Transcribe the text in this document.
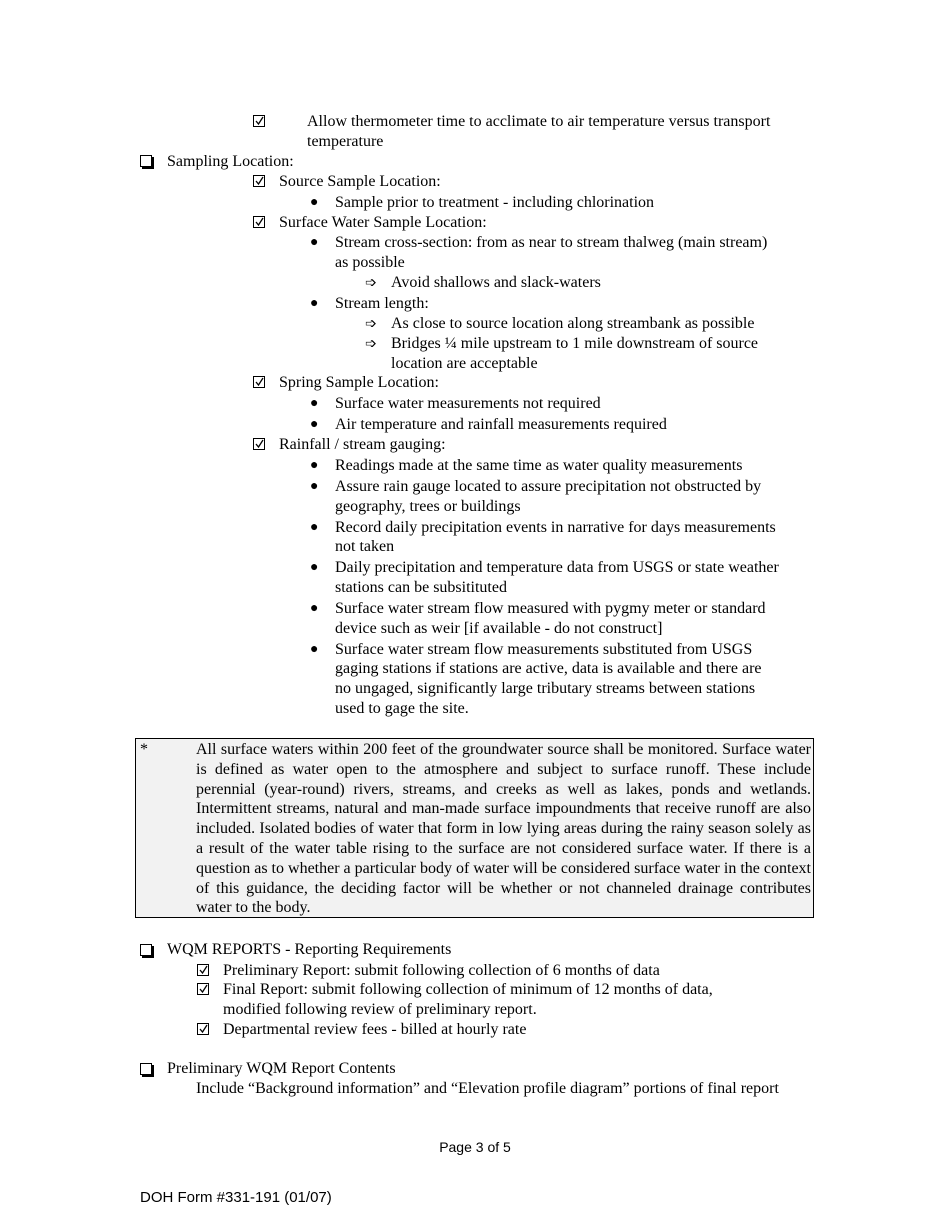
Allow thermometer time to acclimate to air temperature versus transport
temperature
Sampling Location:
Source Sample Location:
● Sample prior to treatment - including chlorination
Surface Water Sample Location:
● Stream cross-section: from as near to stream thalweg (main stream)
as possible
➩ Avoid shallows and slack-waters
● Stream length:
➩ As close to source location along streambank as possible
➩ Bridges ¼ mile upstream to 1 mile downstream of source
location are acceptable
Spring Sample Location:
● Surface water measurements not required
● Air temperature and rainfall measurements required
Rainfall / stream gauging:
● Readings made at the same time as water quality measurements
● Assure rain gauge located to assure precipitation not obstructed by
geography, trees or buildings
● Record daily precipitation events in narrative for days measurements
not taken
● Daily precipitation and temperature data from USGS or state weather
stations can be subsitituted
● Surface water stream flow measured with pygmy meter or standard
device such as weir [if available - do not construct]
● Surface water stream flow measurements substituted from USGS
gaging stations if stations are active, data is available and there are
no ungaged, significantly large tributary streams between stations
used to gage the site.
*	All surface waters within 200 feet of the groundwater source shall be monitored. Surface water is defined as water open to the atmosphere and subject to surface runoff. These include perennial (year-round) rivers, streams, and creeks as well as lakes, ponds and wetlands. Intermittent streams, natural and man-made surface impoundments that receive runoff are also included. Isolated bodies of water that form in low lying areas during the rainy season solely as a result of the water table rising to the surface are not considered surface water. If there is a question as to whether a particular body of water will be considered surface water in the context of this guidance, the deciding factor will be whether or not channeled drainage contributes water to the body.
WQM REPORTS - Reporting Requirements
Preliminary Report: submit following collection of 6 months of data
Final Report: submit following collection of minimum of 12 months of data,
modified following review of preliminary report.
Departmental review fees - billed at hourly rate
Preliminary WQM Report Contents
Include “Background information” and “Elevation profile diagram” portions of final report
Page 3 of 5
DOH Form #331-191 (01/07)
